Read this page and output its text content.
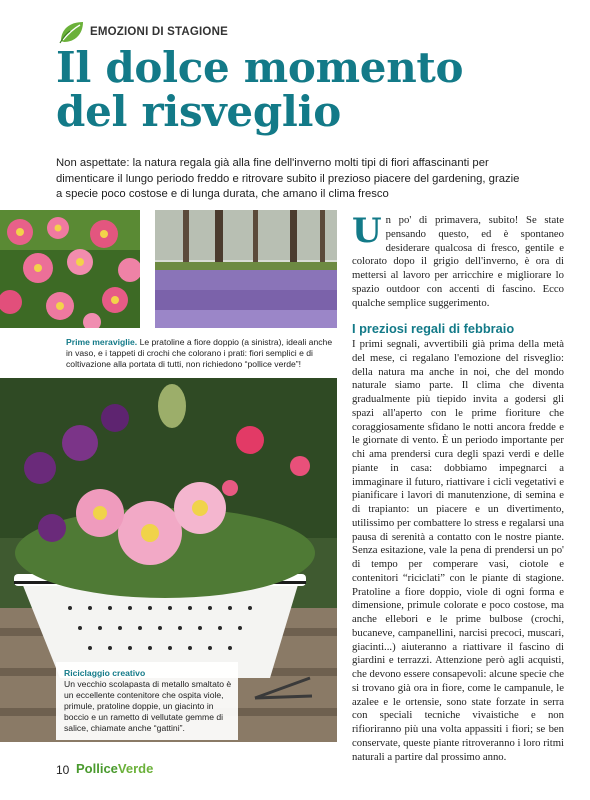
EMOZIONI DI STAGIONE
Il dolce momento
del risveglio

Non aspettate: la natura regala già alla fine dell'inverno molti tipi di fiori affascinanti per dimenticare il lungo periodo freddo e ritrovare subito il prezioso piacere del gardening, grazie a specie poco costose e di lunga durata, che amano il clima fresco

Prime meraviglie. Le pratoline a fiore doppio (a sinistra), ideali anche in vaso, e i tappeti di crochi che colorano i prati: fiori semplici e di coltivazione alla portata di tutti, non richiedono “pollice verde”!

Riciclaggio creativo
Un vecchio scolapasta di metallo smaltato è un eccellente contenitore che ospita viole, primule, pratoline doppie, un giacinto in boccio e un rametto di vellutate gemme di salice, chiamate anche “gattini”.

U n po' di primavera, subito! Se state pensando questo, ed è spontaneo desiderare qualcosa di fresco, gentile e colorato dopo il grigio dell'inverno, è ora di mettersi al lavoro per arricchire e migliorare lo spazio outdoor con accenti di fascino. Ecco qualche semplice suggerimento.

I preziosi regali di febbraio

I primi segnali, avvertibili già prima della metà del mese, ci regalano l'emozione del risveglio: della natura ma anche in noi, che del mondo naturale siamo parte. Il clima che diventa gradualmente più tiepido invita a godersi gli spazi all'aperto con le prime fioriture che coraggiosamente sfidano le notti ancora fredde e le giornate di vento. È un periodo importante per chi ama prendersi cura degli spazi verdi e delle piante in casa: dobbiamo impegnarci a immaginare il futuro, riattivare i cicli vegetativi e pianificare i lavori di manutenzione, di semina e di trapianto: un piacere e un divertimento, utilissimo per combattere lo stress e regalarsi una pausa di serenità a contatto con le nostre piante. Senza esitazione, vale la pena di prendersi un po' di tempo per comperare vasi, ciotole e contenitori “riciclati” con le piante di stagione. Pratoline a fiore doppio, viole di ogni forma e dimensione, primule colorate e poco costose, ma anche ellebori e le prime bulbose (crochi, bucaneve, campanellini, narcisi precoci, muscari, giacinti...) aiuteranno a riattivare il fascino di giardini e terrazzi. Attenzione però agli acquisti, che devono essere consapevoli: alcune specie che si trovano già ora in fiore, come le campanule, le azalee e le ortensie, sono state forzate in serra con speciali tecniche vivaistiche e non rifioriranno più una volta appassiti i fiori; se ben conservate, queste piante ritroveranno i loro ritmi naturali a partire dal prossimo anno.

10 PolliceVerde
